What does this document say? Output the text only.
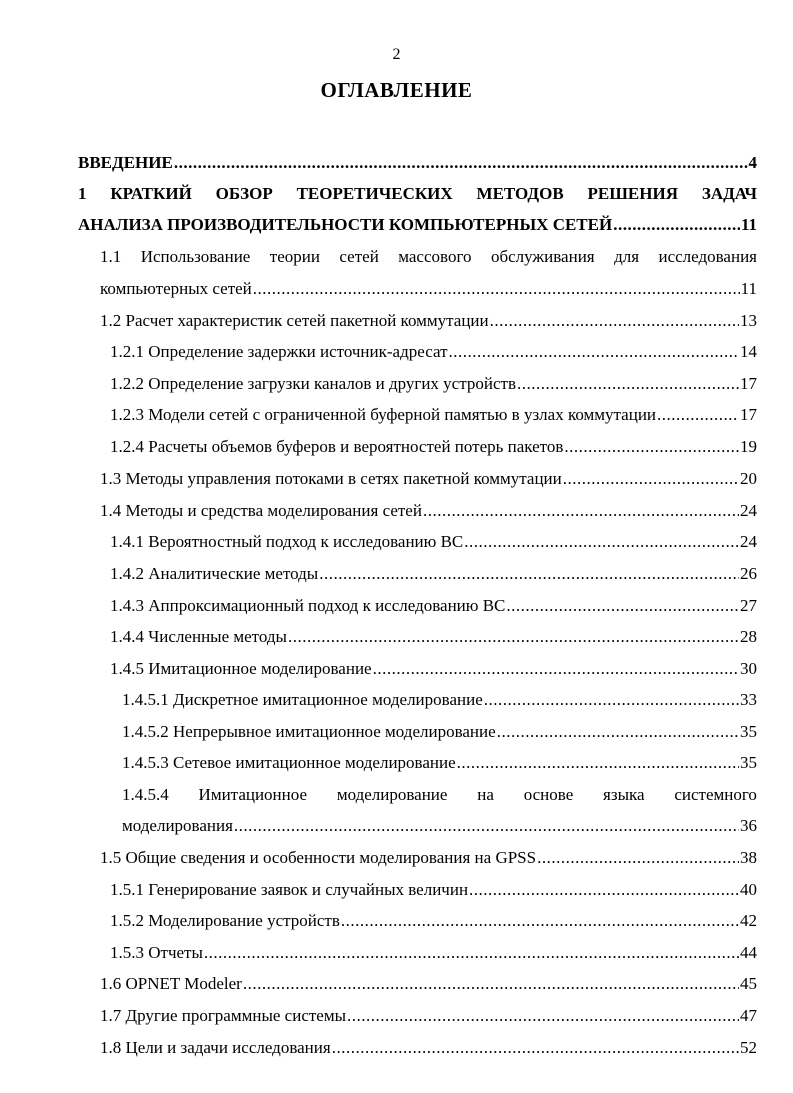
2
ОГЛАВЛЕНИЕ
ВВЕДЕНИЕ .....	4
1 КРАТКИЙ ОБЗОР ТЕОРЕТИЧЕСКИХ МЕТОДОВ РЕШЕНИЯ ЗАДАЧ
АНАЛИЗА ПРОИЗВОДИТЕЛЬНОСТИ КОМПЬЮТЕРНЫХ СЕТЕЙ .....	11
1.1 Использование теории сетей массового обслуживания для исследования
компьютерных сетей .....	11
1.2 Расчет характеристик сетей пакетной коммутации .....	13
1.2.1 Определение задержки источник-адресат .....	14
1.2.2 Определение загрузки каналов и других устройств .....	17
1.2.3 Модели сетей с ограниченной буферной памятью в узлах коммутации .....	17
1.2.4 Расчеты объемов буферов и вероятностей потерь пакетов .....	19
1.3 Методы управления потоками в сетях пакетной коммутации .....	20
1.4 Методы и средства моделирования сетей .....	24
1.4.1 Вероятностный подход к исследованию ВС .....	24
1.4.2 Аналитические методы .....	26
1.4.3 Аппроксимационный подход к исследованию ВС .....	27
1.4.4 Численные методы .....	28
1.4.5 Имитационное моделирование .....	30
1.4.5.1 Дискретное имитационное моделирование .....	33
1.4.5.2 Непрерывное имитационное моделирование .....	35
1.4.5.3 Сетевое имитационное моделирование .....	35
1.4.5.4 Имитационное моделирование на основе языка системного
моделирования .....	36
1.5 Общие сведения и особенности моделирования на GPSS .....	38
1.5.1 Генерирование заявок и случайных величин .....	40
1.5.2 Моделирование устройств .....	42
1.5.3 Отчеты .....	44
1.6 OPNET Modeler .....	45
1.7 Другие программные системы .....	47
1.8 Цели и задачи исследования .....	52
